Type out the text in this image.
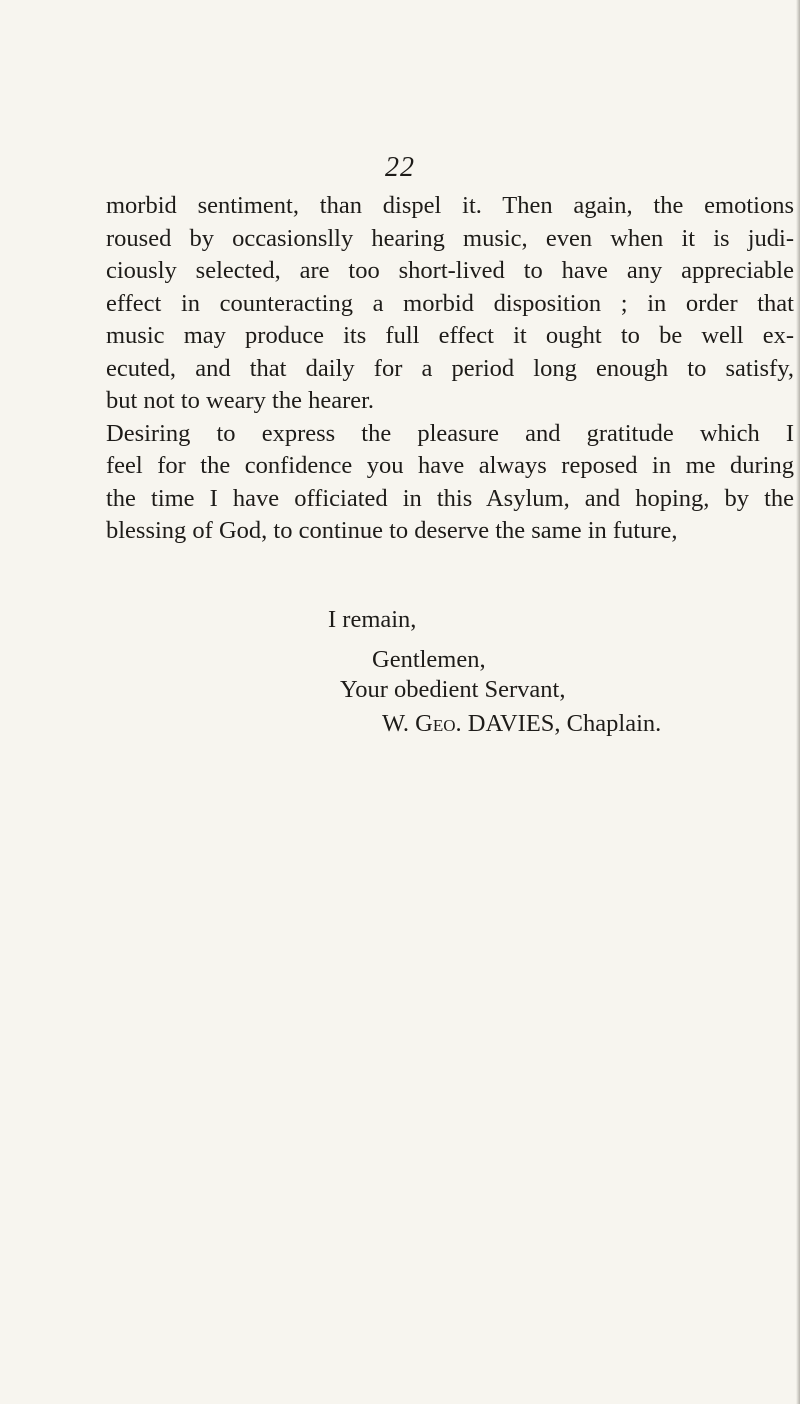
22

morbid sentiment, than dispel it. Then again, the emotions
roused by occasionslly hearing music, even when it is judi-
ciously selected, are too short-lived to have any appreciable
effect in counteracting a morbid disposition ; in order that
music may produce its full effect it ought to be well ex-
ecuted, and that daily for a period long enough to satisfy,
but not to weary the hearer.

Desiring to express the pleasure and gratitude which I
feel for the confidence you have always reposed in me during
the time I have officiated in this Asylum, and hoping, by the
blessing of God, to continue to deserve the same in future,

I remain,
Gentlemen,
Your obedient Servant,
W. Geo. DAVIES, Chaplain.
